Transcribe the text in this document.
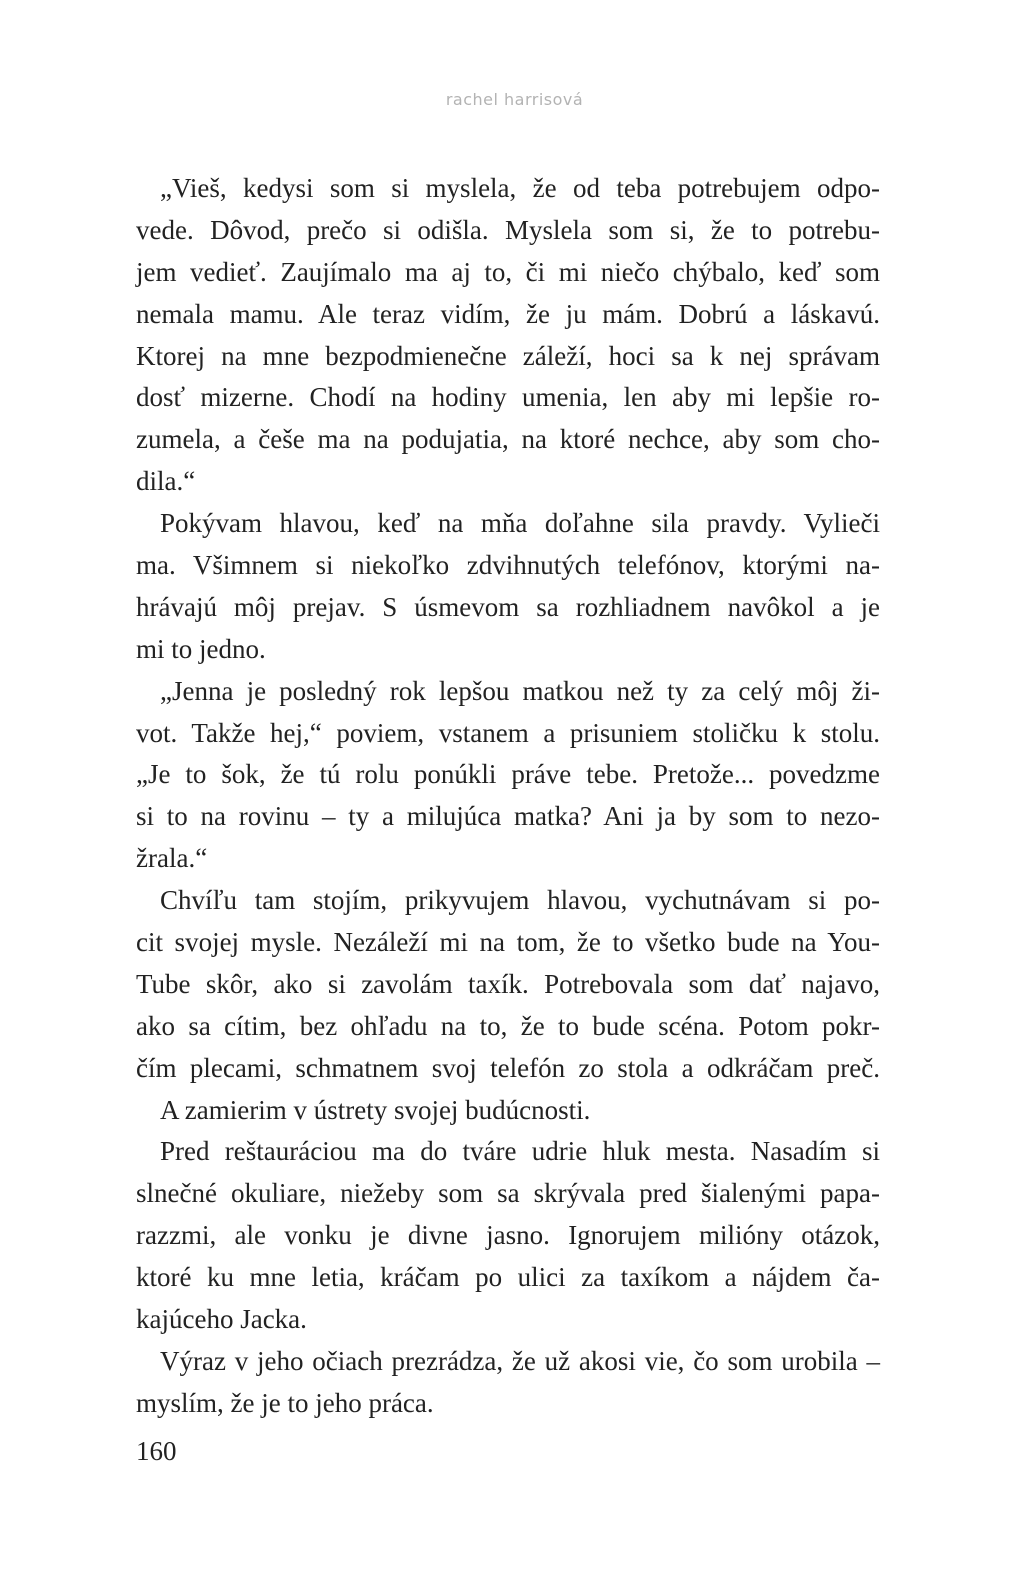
rachel harrisová
„Vieš, kedysi som si myslela, že od teba potrebujem odpo-
vede. Dôvod, prečo si odišla. Myslela som si, že to potrebu-
jem vedieť. Zaujímalo ma aj to, či mi niečo chýbalo, keď som
nemala mamu. Ale teraz vidím, že ju mám. Dobrú a láskavú.
Ktorej na mne bezpodmienečne záleží, hoci sa k nej správam
dosť mizerne. Chodí na hodiny umenia, len aby mi lepšie ro-
zumela, a češe ma na podujatia, na ktoré nechce, aby som cho-
dila.“
Pokývam hlavou, keď na mňa doľahne sila pravdy. Vylieči
ma. Všimnem si niekoľko zdvihnutých telefónov, ktorými na-
hrávajú môj prejav. S úsmevom sa rozhliadnem navôkol a je
mi to jedno.
„Jenna je posledný rok lepšou matkou než ty za celý môj ži-
vot. Takže hej,“ poviem, vstanem a prisuniem stoličku k stolu.
„Je to šok, že tú rolu ponúkli práve tebe. Pretože... povedzme
si to na rovinu – ty a milujúca matka? Ani ja by som to nezo-
žrala.“
Chvíľu tam stojím, prikyvujem hlavou, vychutnávam si po-
cit svojej mysle. Nezáleží mi na tom, že to všetko bude na You-
Tube skôr, ako si zavolám taxík. Potrebovala som dať najavo,
ako sa cítim, bez ohľadu na to, že to bude scéna. Potom pokr-
čím plecami, schmatnem svoj telefón zo stola a odkráčam preč.
A zamierim v ústrety svojej budúcnosti.
Pred reštauráciou ma do tváre udrie hluk mesta. Nasadím si
slnečné okuliare, niežeby som sa skrývala pred šialenými papa-
razzmi, ale vonku je divne jasno. Ignorujem milióny otázok,
ktoré ku mne letia, kráčam po ulici za taxíkom a nájdem ča-
kajúceho Jacka.
Výraz v jeho očiach prezrádza, že už akosi vie, čo som urobila –
myslím, že je to jeho práca.
160
